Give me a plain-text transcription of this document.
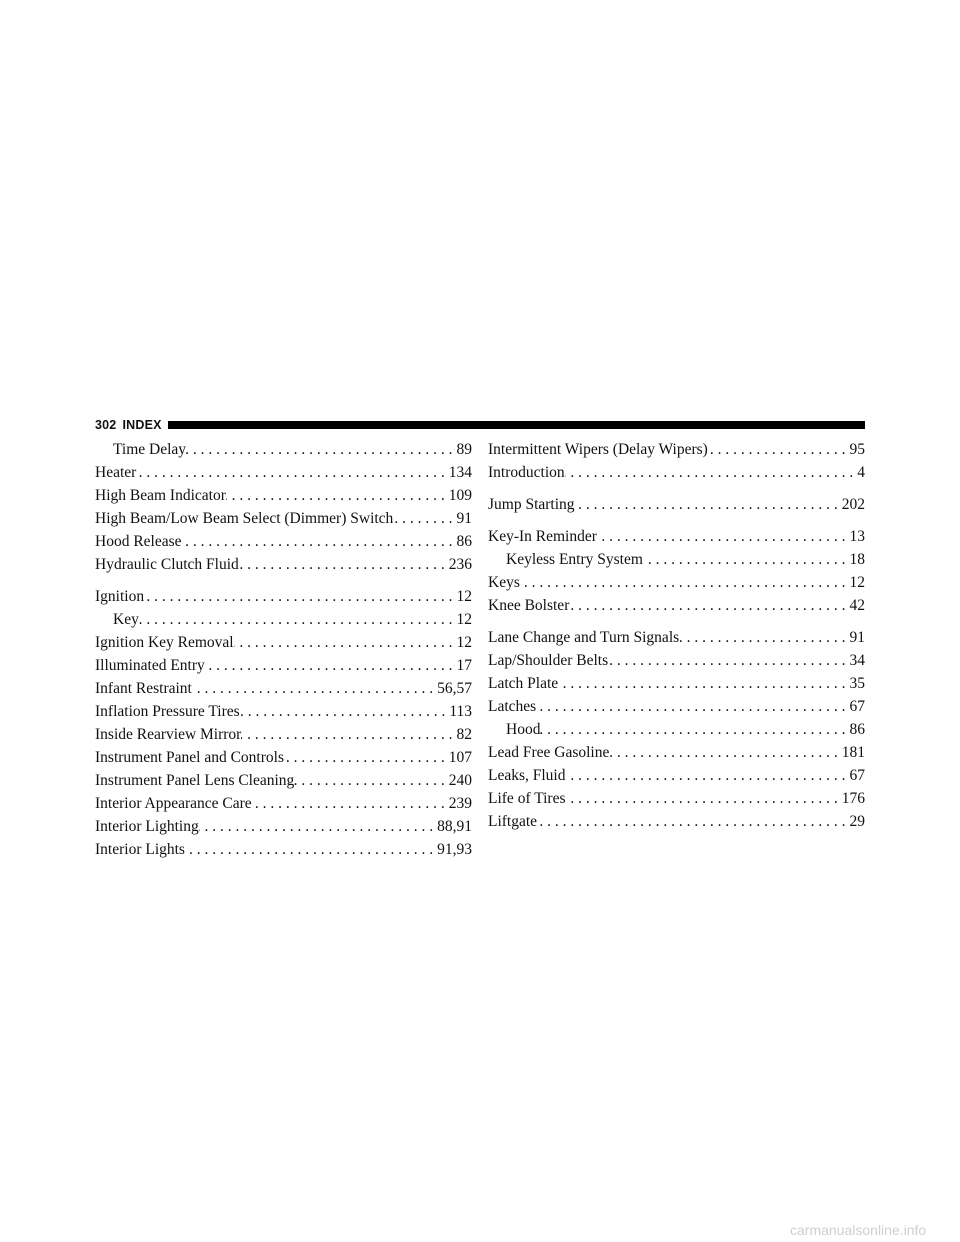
302 INDEX
Time Delay . . .	89
Heater . . .	134
High Beam Indicator . . .	109
High Beam/Low Beam Select (Dimmer) Switch . . .	91
Hood Release . . .	86
Hydraulic Clutch Fluid . . .	236
Ignition . . .	12
Key . . .	12
Ignition Key Removal . . .	12
Illuminated Entry . . .	17
Infant Restraint . . .	56,57
Inflation Pressure Tires . . .	113
Inside Rearview Mirror . . .	82
Instrument Panel and Controls . . .	107
Instrument Panel Lens Cleaning . . .	240
Interior Appearance Care . . .	239
Interior Lighting . . .	88,91
Interior Lights . . .	91,93
Intermittent Wipers (Delay Wipers) . . .	95
Introduction . . .	4
Jump Starting . . .	202
Key-In Reminder . . .	13
Keyless Entry System . . .	18
Keys . . .	12
Knee Bolster . . .	42
Lane Change and Turn Signals . . .	91
Lap/Shoulder Belts . . .	34
Latch Plate . . .	35
Latches . . .	67
Hood . . .	86
Lead Free Gasoline . . .	181
Leaks, Fluid . . .	67
Life of Tires . . .	176
Liftgate . . .	29
carmanualsonline.info
